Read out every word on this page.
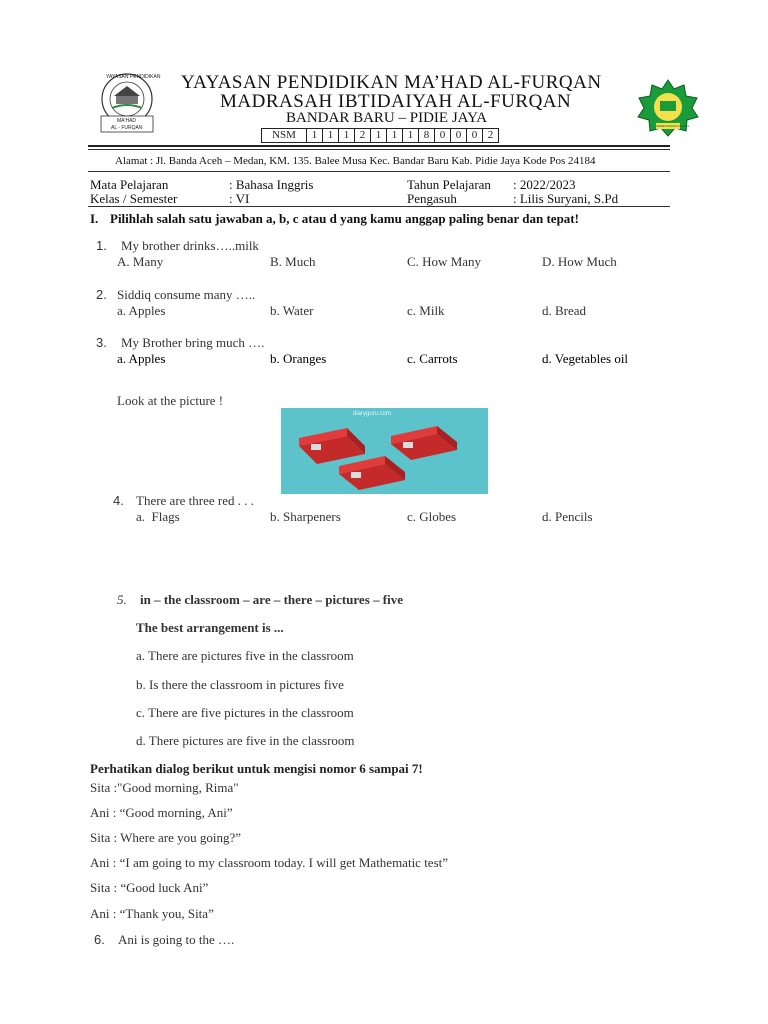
YAYASAN PENDIDIKAN
MA'HAD
AL - FURQAN	KEMENTERIAN AGAMA
YAYASAN PENDIDIKAN MA’HAD AL-FURQAN
MADRASAH IBTIDAIYAH AL-FURQAN
BANDAR BARU – PIDIE JAYA
NSM	1	1	1	2	1	1	1	8	0	0	0	2
Alamat : Jl. Banda Aceh – Medan, KM. 135. Balee Musa Kec. Bandar Baru Kab. Pidie Jaya Kode Pos 24184
Mata Pelajaran	: Bahasa Inggris	Tahun Pelajaran : 2022/2023
Kelas / Semester	: VI	Pengasuh	: Lilis Suryani, S.Pd
I. Pilihlah salah satu jawaban a, b, c atau d yang kamu anggap paling benar dan tepat!
1. My brother drinks…..milk
A. Many	B. Much	C. How Many	D. How Much
2. Siddiq consume many …..
a. Apples	b. Water	c. Milk	d. Bread
3. My Brother bring much ….
a. Apples	b. Oranges	c. Carrots	d. Vegetables oil
Look at the picture !
diaryguru.com
4. There are three red . . .
a.  Flags	b. Sharpeners	c. Globes	d. Pencils
5. in – the classroom – are – there – pictures – five
The best arrangement is ...
a. There are pictures five in the classroom
b. Is there the classroom in pictures five
c. There are five pictures in the classroom
d. There pictures are five in the classroom
Perhatikan dialog berikut untuk mengisi nomor 6 sampai 7!
Sita :"Good morning, Rima"
Ani : “Good morning, Ani”
Sita : Where are you going?”
Ani : “I am going to my classroom today. I will get Mathematic test”
Sita : “Good luck Ani”
Ani : “Thank you, Sita”
6. Ani is going to the ….
